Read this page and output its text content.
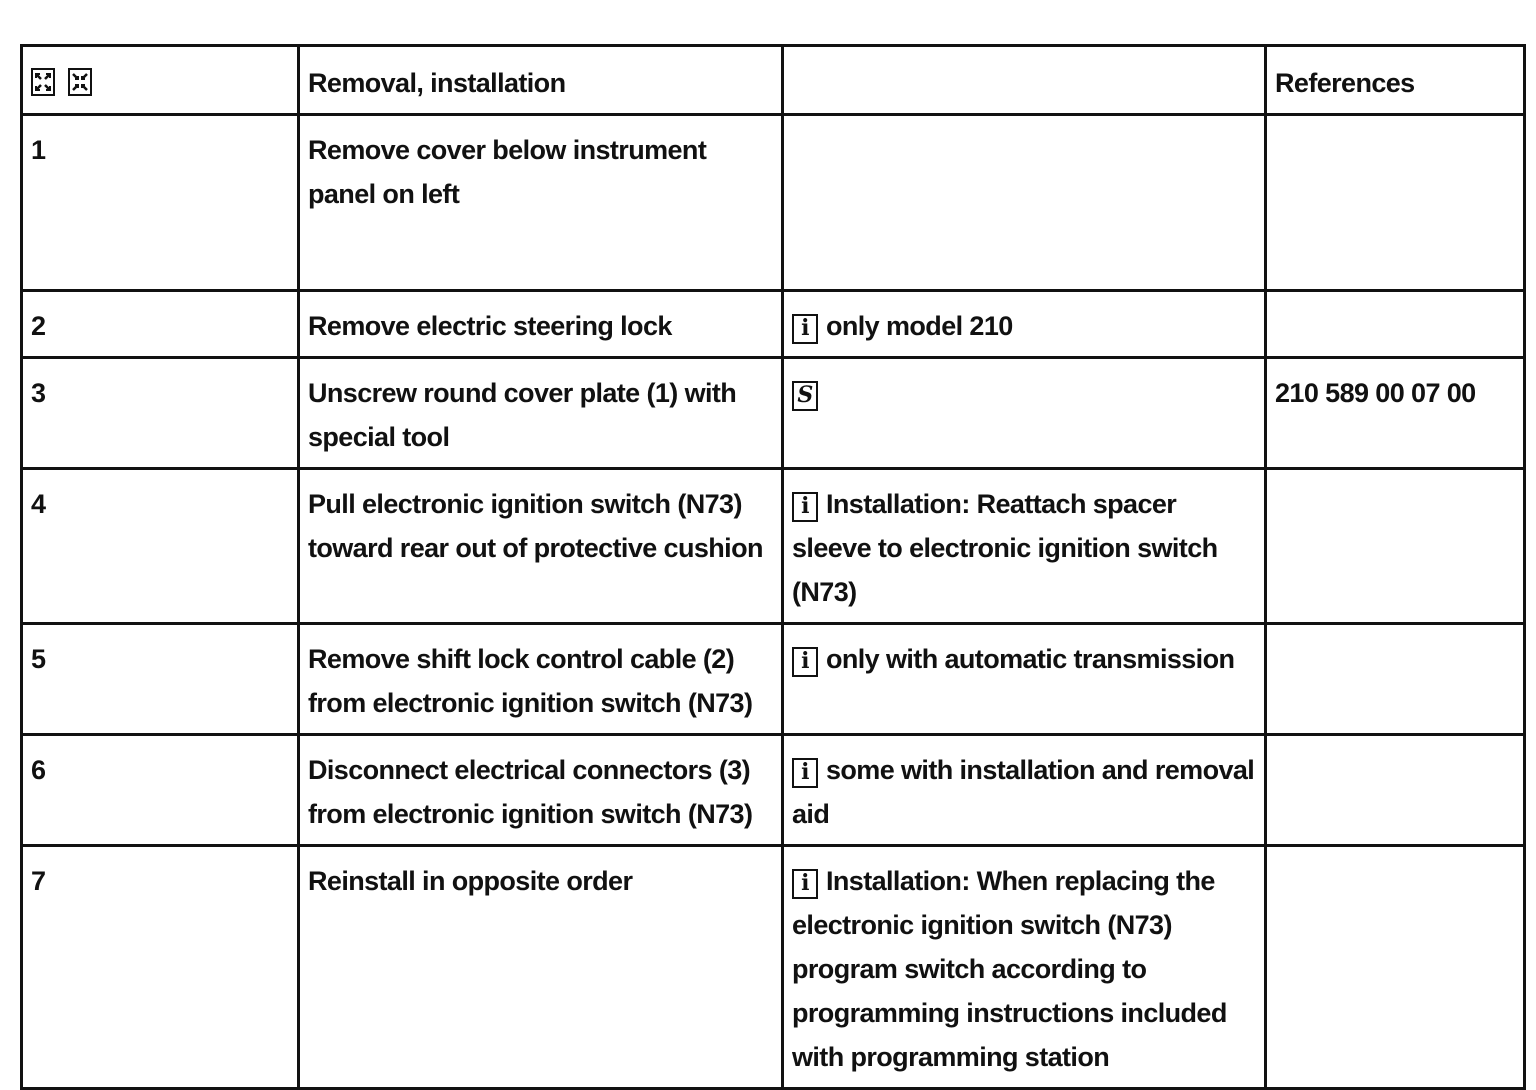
	Removal, installation		References
1	Remove cover below instrument panel on left		
2	Remove electric steering lock	i only model 210	
3	Unscrew round cover plate (1) with special tool	S	210 589 00 07 00
4	Pull electronic ignition switch (N73) toward rear out of protective cushion	i Installation: Reattach spacer sleeve to electronic ignition switch (N73)	
5	Remove shift lock control cable (2) from electronic ignition switch (N73)	i only with automatic transmission	
6	Disconnect electrical connectors (3) from electronic ignition switch (N73)	i some with installation and removal aid	
7	Reinstall in opposite order	i Installation: When replacing the electronic ignition switch (N73) program switch according to programming instructions included with programming station	
